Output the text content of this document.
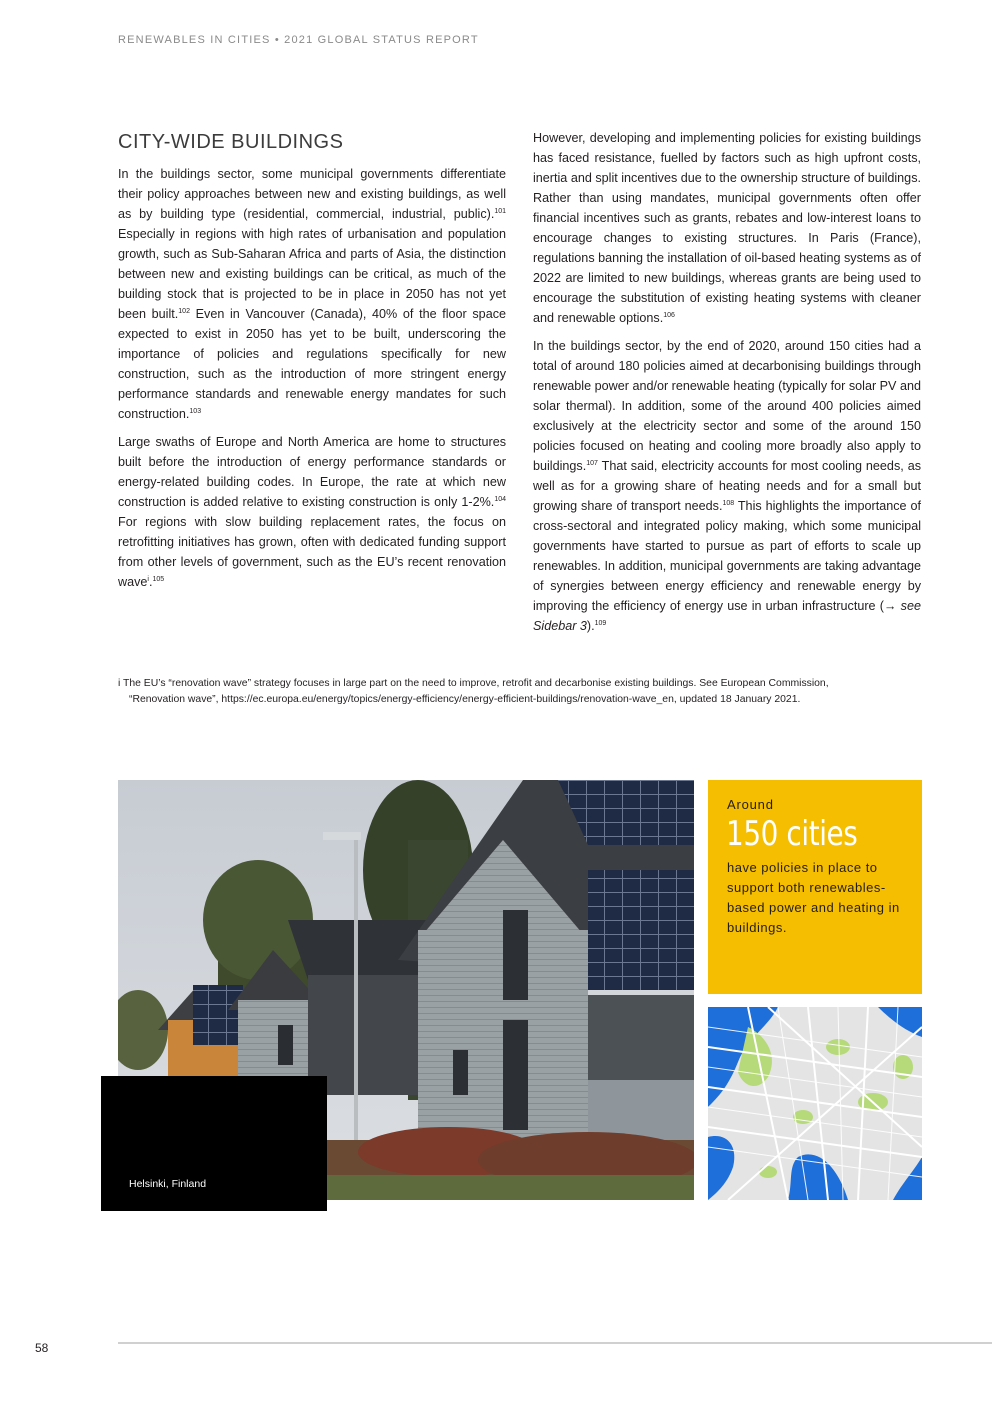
RENEWABLES IN CITIES • 2021 GLOBAL STATUS REPORT
CITY-WIDE BUILDINGS

In the buildings sector, some municipal governments differentiate their policy approaches between new and existing buildings, as well as by building type (residential, commercial, industrial, public).$^{101}$ Especially in regions with high rates of urbanisation and population growth, such as Sub-Saharan Africa and parts of Asia, the distinction between new and existing buildings can be critical, as much of the building stock that is projected to be in place in 2050 has not yet been built.$^{102}$ Even in Vancouver (Canada), 40% of the floor space expected to exist in 2050 has yet to be built, underscoring the importance of policies and regulations specifically for new construction, such as the introduction of more stringent energy performance standards and renewable energy mandates for such construction.$^{103}$

Large swaths of Europe and North America are home to structures built before the introduction of energy performance standards or energy-related building codes. In Europe, the rate at which new construction is added relative to existing construction is only 1-2%.$^{104}$ For regions with slow building replacement rates, the focus on retrofitting initiatives has grown, often with dedicated funding support from other levels of government, such as the EU’s recent renovation wave$^i$.$^{105}$

However, developing and implementing policies for existing buildings has faced resistance, fuelled by factors such as high upfront costs, inertia and split incentives due to the ownership structure of buildings. Rather than using mandates, municipal governments often offer financial incentives such as grants, rebates and low-interest loans to encourage changes to existing structures. In Paris (France), regulations banning the installation of oil-based heating systems as of 2022 are limited to new buildings, whereas grants are being used to encourage the substitution of existing heating systems with cleaner and renewable options.$^{106}$

In the buildings sector, by the end of 2020, around 150 cities had a total of around 180 policies aimed at decarbonising buildings through renewable power and/or renewable heating (typically for solar PV and solar thermal). In addition, some of the around 400 policies aimed exclusively at the electricity sector and some of the around 150 policies focused on heating and cooling more broadly also apply to buildings.$^{107}$ That said, electricity accounts for most cooling needs, as well as for a growing share of heating needs and for a small but growing share of transport needs.$^{108}$ This highlights the importance of cross-sectoral and integrated policy making, which some municipal governments have started to pursue as part of efforts to scale up renewables. In addition, municipal governments are taking advantage of synergies between energy efficiency and renewable energy by improving the efficiency of energy use in urban infrastructure (→ see Sidebar 3).$^{109}$

i The EU’s “renovation wave” strategy focuses in large part on the need to improve, retrofit and decarbonise existing buildings. See European Commission,
“Renovation wave”, https://ec.europa.eu/energy/topics/energy-efficiency/energy-efficient-buildings/renovation-wave_en, updated 18 January 2021.
Helsinki, Finland
Around
150 cities
have policies in place to support both renewables-based power and heating in buildings.
58
